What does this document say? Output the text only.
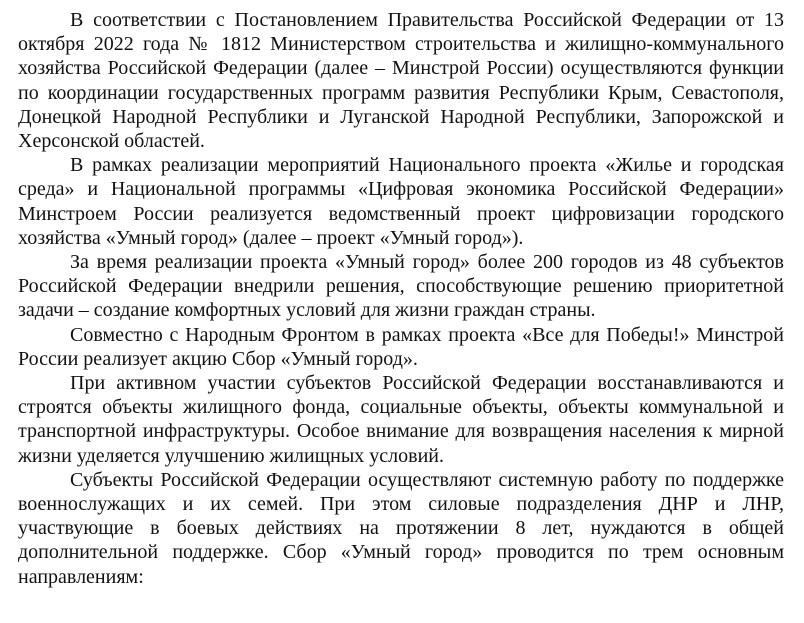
В соответствии с Постановлением Правительства Российской Федерации от 13 октября 2022 года № 1812 Министерством строительства и жилищно-коммунального хозяйства Российской Федерации (далее – Минстрой России) осуществляются функции по координации государственных программ развития Республики Крым, Севастополя, Донецкой Народной Республики и Луганской Народной Республики, Запорожской и Херсонской областей.

В рамках реализации мероприятий Национального проекта «Жилье и городская среда» и Национальной программы «Цифровая экономика Российской Федерации» Минстроем России реализуется ведомственный проект цифровизации городского хозяйства «Умный город» (далее – проект «Умный город»).

За время реализации проекта «Умный город» более 200 городов из 48 субъектов Российской Федерации внедрили решения, способствующие решению приоритетной задачи – создание комфортных условий для жизни граждан страны.

Совместно с Народным Фронтом в рамках проекта «Все для Победы!» Минстрой России реализует акцию Сбор «Умный город».

При активном участии субъектов Российской Федерации восстанавливаются и строятся объекты жилищного фонда, социальные объекты, объекты коммунальной и транспортной инфраструктуры. Особое внимание для возвращения населения к мирной жизни уделяется улучшению жилищных условий.

Субъекты Российской Федерации осуществляют системную работу по поддержке военнослужащих и их семей. При этом силовые подразделения ДНР и ЛНР, участвующие в боевых действиях на протяжении 8 лет, нуждаются в общей дополнительной поддержке. Сбор «Умный город» проводится по трем основным направлениям:
